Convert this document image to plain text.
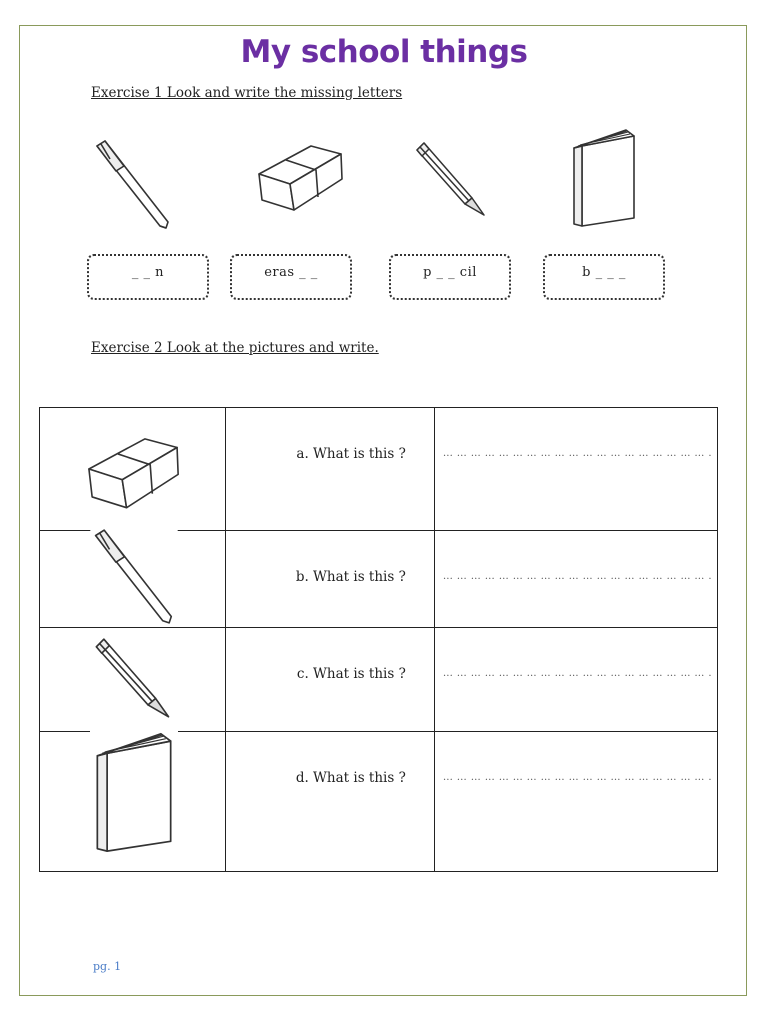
My school things
Exercise 1 Look and write the missing letters
_ _ n	eras _ _	p _ _ cil	b _ _ _
Exercise 2 Look at the pictures and write.

a. What is this ?	… … … … … … … … … … … … … … … … … … … .

b. What is this ?	… … … … … … … … … … … … … … … … … … … .

c. What is this ?	… … … … … … … … … … … … … … … … … … … .

d. What is this ?	… … … … … … … … … … … … … … … … … … … .
pg. 1
